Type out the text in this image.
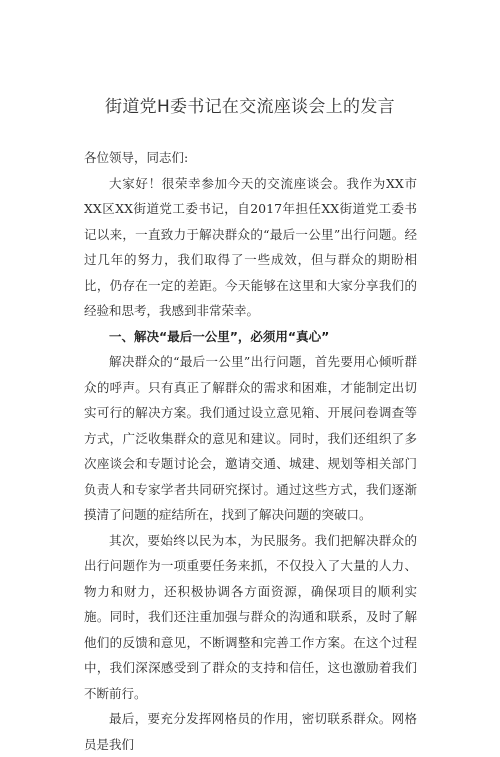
街道党H委书记在交流座谈会上的发言

各位领导，同志们:

大家好！很荣幸参加今天的交流座谈会。我作为XX市XX区XX街道党工委书记，自2017年担任XX街道党工委书记以来，一直致力于解决群众的“最后一公里”出行问题。经过几年的努力，我们取得了一些成效，但与群众的期盼相比，仍存在一定的差距。今天能够在这里和大家分享我们的经验和思考，我感到非常荣幸。

一、解决“最后一公里”，必须用“真心”

解决群众的“最后一公里”出行问题，首先要用心倾听群众的呼声。只有真正了解群众的需求和困难，才能制定出切实可行的解决方案。我们通过设立意见箱、开展问卷调查等方式，广泛收集群众的意见和建议。同时，我们还组织了多次座谈会和专题讨论会，邀请交通、城建、规划等相关部门负责人和专家学者共同研究探讨。通过这些方式，我们逐渐摸清了问题的症结所在，找到了解决问题的突破口。

其次，要始终以民为本，为民服务。我们把解决群众的出行问题作为一项重要任务来抓，不仅投入了大量的人力、物力和财力，还积极协调各方面资源，确保项目的顺利实施。同时，我们还注重加强与群众的沟通和联系，及时了解他们的反馈和意见，不断调整和完善工作方案。在这个过程中，我们深深感受到了群众的支持和信任，这也激励着我们不断前行。

最后，要充分发挥网格员的作用，密切联系群众。网格员是我们
